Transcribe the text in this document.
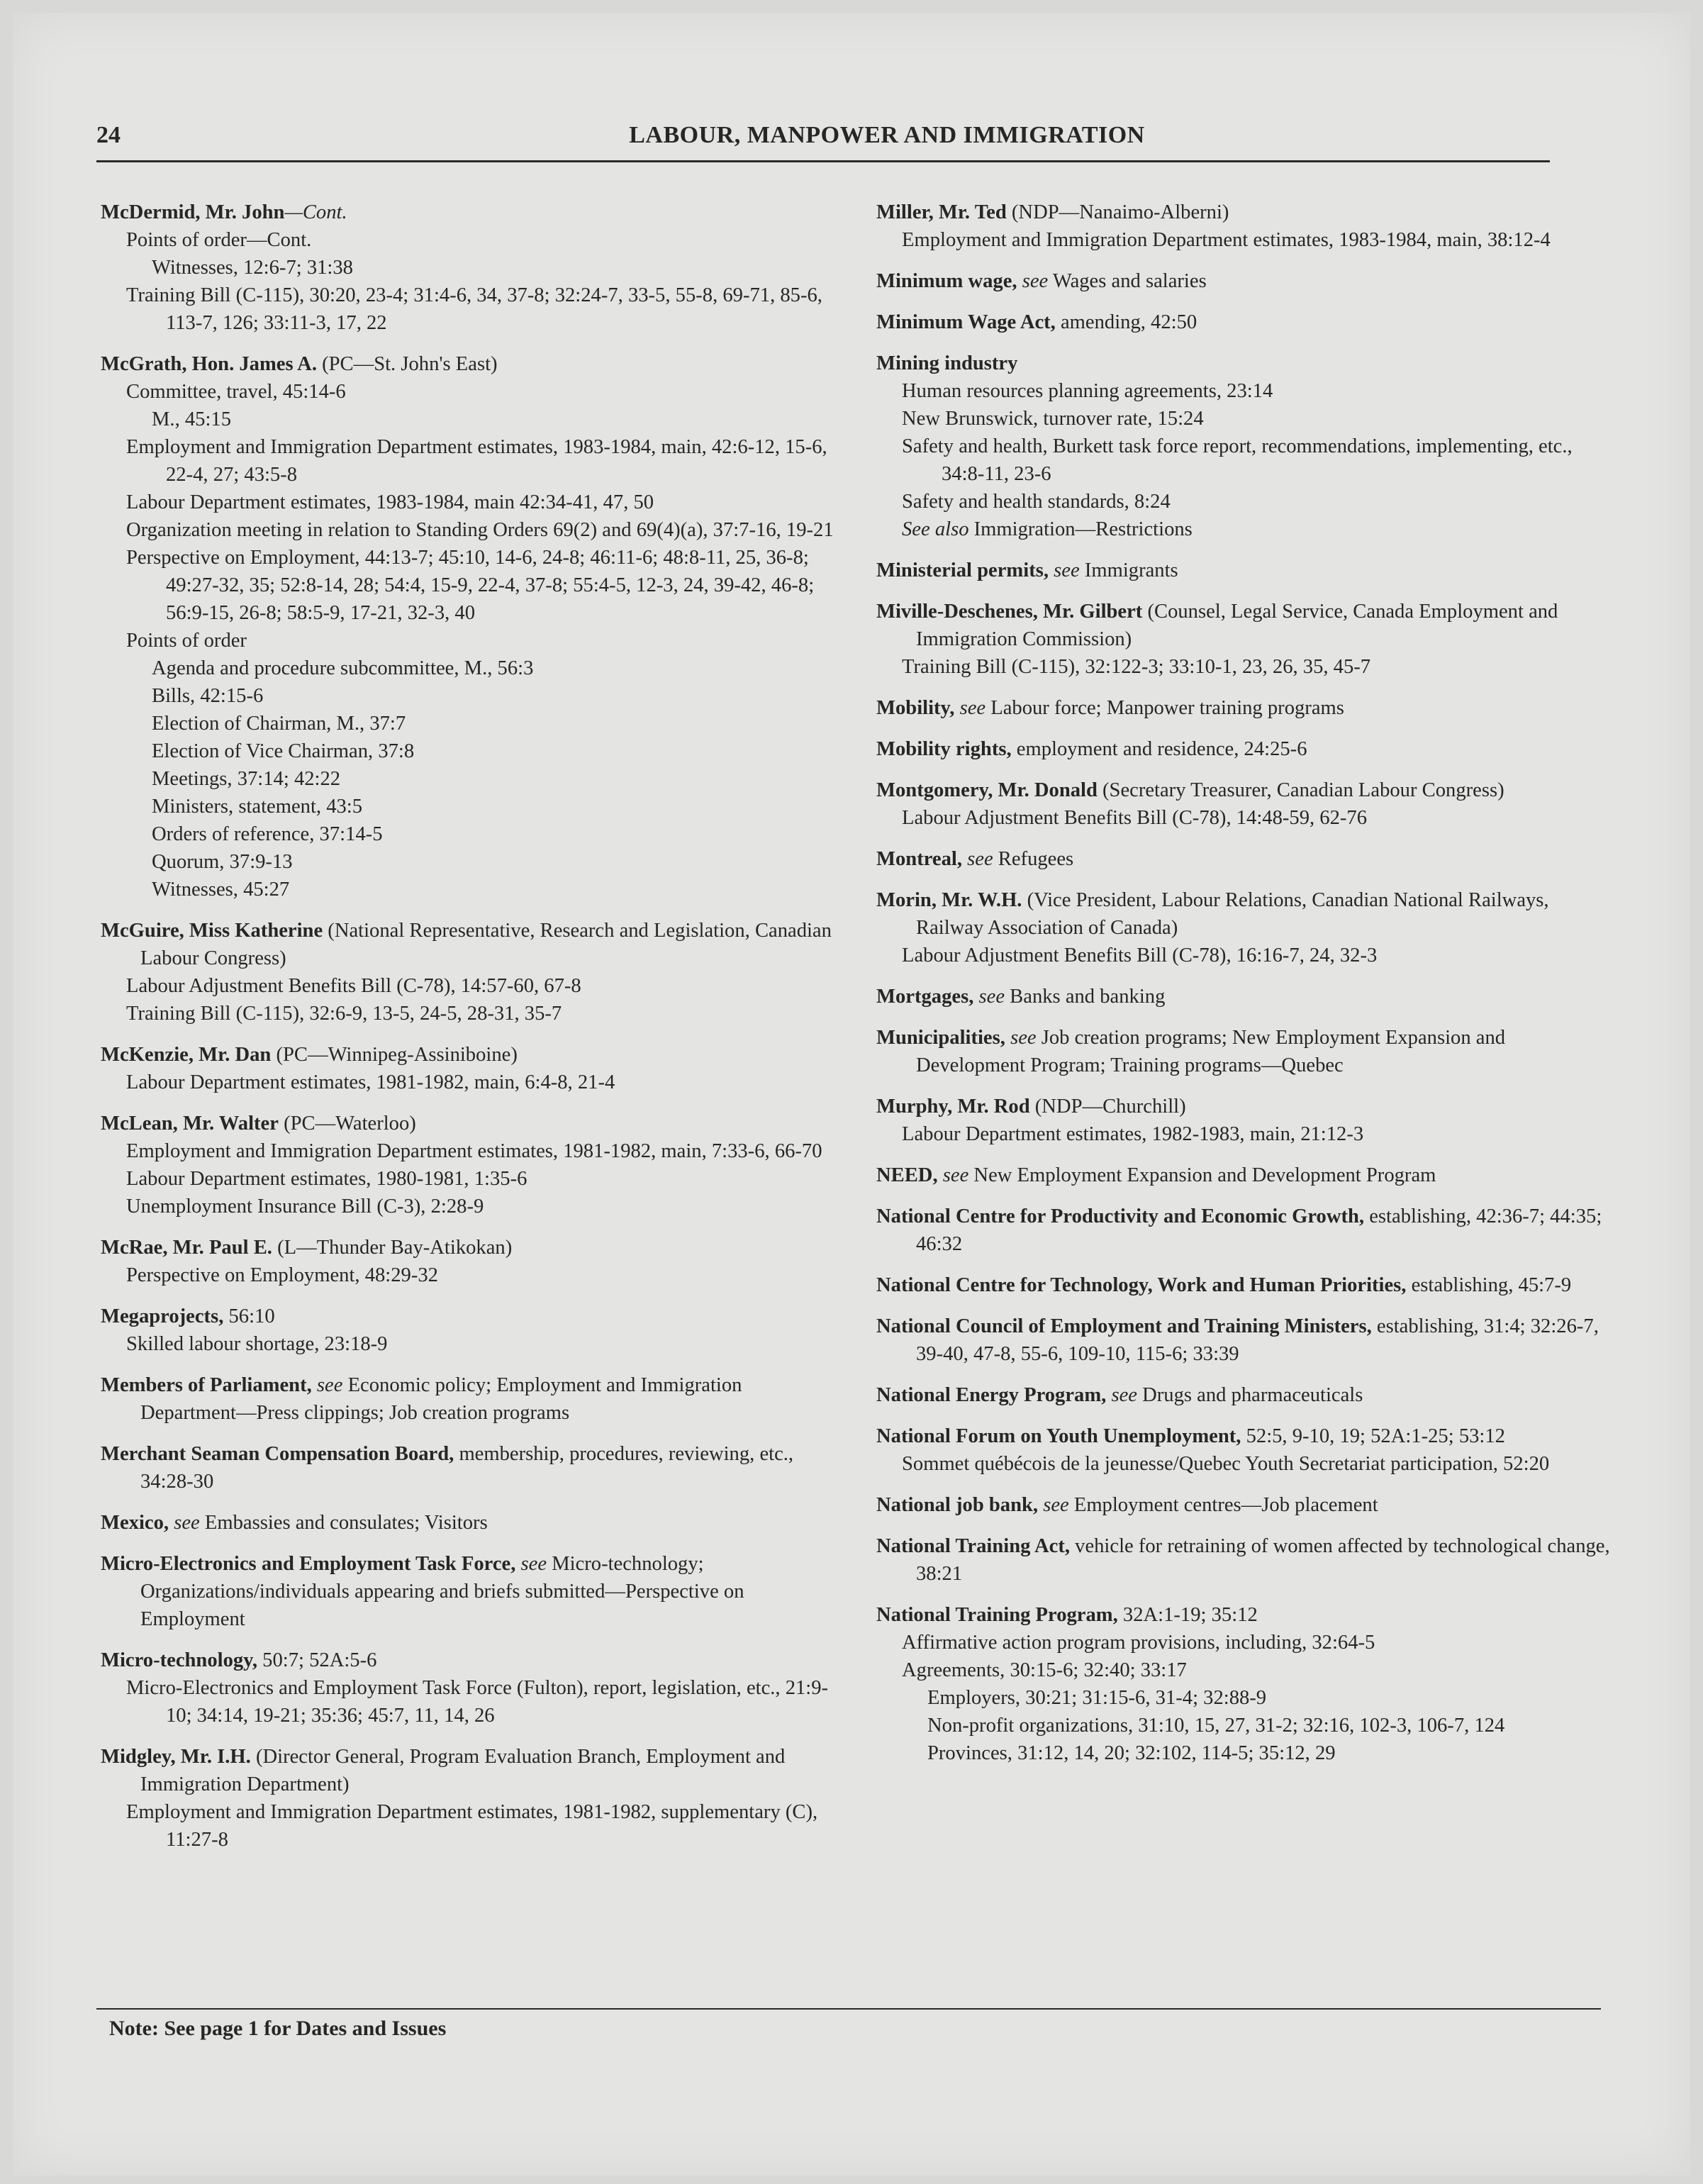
24	LABOUR, MANPOWER AND IMMIGRATION
McDermid, Mr. John—Cont.
Points of order—Cont.
Witnesses, 12:6-7; 31:38
Training Bill (C-115), 30:20, 23-4; 31:4-6, 34, 37-8; 32:24-7, 33-5, 55-8, 69-71, 85-6, 113-7, 126; 33:11-3, 17, 22
McGrath, Hon. James A. (PC—St. John's East)
Committee, travel, 45:14-6
M., 45:15
Employment and Immigration Department estimates, 1983-1984, main, 42:6-12, 15-6, 22-4, 27; 43:5-8
Labour Department estimates, 1983-1984, main 42:34-41, 47, 50
Organization meeting in relation to Standing Orders 69(2) and 69(4)(a), 37:7-16, 19-21
Perspective on Employment, 44:13-7; 45:10, 14-6, 24-8; 46:11-6; 48:8-11, 25, 36-8; 49:27-32, 35; 52:8-14, 28; 54:4, 15-9, 22-4, 37-8; 55:4-5, 12-3, 24, 39-42, 46-8; 56:9-15, 26-8; 58:5-9, 17-21, 32-3, 40
Points of order
Agenda and procedure subcommittee, M., 56:3
Bills, 42:15-6
Election of Chairman, M., 37:7
Election of Vice Chairman, 37:8
Meetings, 37:14; 42:22
Ministers, statement, 43:5
Orders of reference, 37:14-5
Quorum, 37:9-13
Witnesses, 45:27
McGuire, Miss Katherine (National Representative, Research and Legislation, Canadian Labour Congress)
Labour Adjustment Benefits Bill (C-78), 14:57-60, 67-8
Training Bill (C-115), 32:6-9, 13-5, 24-5, 28-31, 35-7
McKenzie, Mr. Dan (PC—Winnipeg-Assiniboine)
Labour Department estimates, 1981-1982, main, 6:4-8, 21-4
McLean, Mr. Walter (PC—Waterloo)
Employment and Immigration Department estimates, 1981-1982, main, 7:33-6, 66-70
Labour Department estimates, 1980-1981, 1:35-6
Unemployment Insurance Bill (C-3), 2:28-9
McRae, Mr. Paul E. (L—Thunder Bay-Atikokan)
Perspective on Employment, 48:29-32
Megaprojects, 56:10
Skilled labour shortage, 23:18-9
Members of Parliament, see Economic policy; Employment and Immigration Department—Press clippings; Job creation programs
Merchant Seaman Compensation Board, membership, procedures, reviewing, etc., 34:28-30
Mexico, see Embassies and consulates; Visitors
Micro-Electronics and Employment Task Force, see Micro-technology; Organizations/individuals appearing and briefs submitted—Perspective on Employment
Micro-technology, 50:7; 52A:5-6
Micro-Electronics and Employment Task Force (Fulton), report, legislation, etc., 21:9-10; 34:14, 19-21; 35:36; 45:7, 11, 14, 26
Midgley, Mr. I.H. (Director General, Program Evaluation Branch, Employment and Immigration Department)
Employment and Immigration Department estimates, 1981-1982, supplementary (C), 11:27-8
Miller, Mr. Ted (NDP—Nanaimo-Alberni)
Employment and Immigration Department estimates, 1983-1984, main, 38:12-4
Minimum wage, see Wages and salaries
Minimum Wage Act, amending, 42:50
Mining industry
Human resources planning agreements, 23:14
New Brunswick, turnover rate, 15:24
Safety and health, Burkett task force report, recommendations, implementing, etc., 34:8-11, 23-6
Safety and health standards, 8:24
See also Immigration—Restrictions
Ministerial permits, see Immigrants
Miville-Deschenes, Mr. Gilbert (Counsel, Legal Service, Canada Employment and Immigration Commission)
Training Bill (C-115), 32:122-3; 33:10-1, 23, 26, 35, 45-7
Mobility, see Labour force; Manpower training programs
Mobility rights, employment and residence, 24:25-6
Montgomery, Mr. Donald (Secretary Treasurer, Canadian Labour Congress)
Labour Adjustment Benefits Bill (C-78), 14:48-59, 62-76
Montreal, see Refugees
Morin, Mr. W.H. (Vice President, Labour Relations, Canadian National Railways, Railway Association of Canada)
Labour Adjustment Benefits Bill (C-78), 16:16-7, 24, 32-3
Mortgages, see Banks and banking
Municipalities, see Job creation programs; New Employment Expansion and Development Program; Training programs—Quebec
Murphy, Mr. Rod (NDP—Churchill)
Labour Department estimates, 1982-1983, main, 21:12-3
NEED, see New Employment Expansion and Development Program
National Centre for Productivity and Economic Growth, establishing, 42:36-7; 44:35; 46:32
National Centre for Technology, Work and Human Priorities, establishing, 45:7-9
National Council of Employment and Training Ministers, establishing, 31:4; 32:26-7, 39-40, 47-8, 55-6, 109-10, 115-6; 33:39
National Energy Program, see Drugs and pharmaceuticals
National Forum on Youth Unemployment, 52:5, 9-10, 19; 52A:1-25; 53:12
Sommet québécois de la jeunesse/Quebec Youth Secretariat participation, 52:20
National job bank, see Employment centres—Job placement
National Training Act, vehicle for retraining of women affected by technological change, 38:21
National Training Program, 32A:1-19; 35:12
Affirmative action program provisions, including, 32:64-5
Agreements, 30:15-6; 32:40; 33:17
Employers, 30:21; 31:15-6, 31-4; 32:88-9
Non-profit organizations, 31:10, 15, 27, 31-2; 32:16, 102-3, 106-7, 124
Provinces, 31:12, 14, 20; 32:102, 114-5; 35:12, 29
Note: See page 1 for Dates and Issues
